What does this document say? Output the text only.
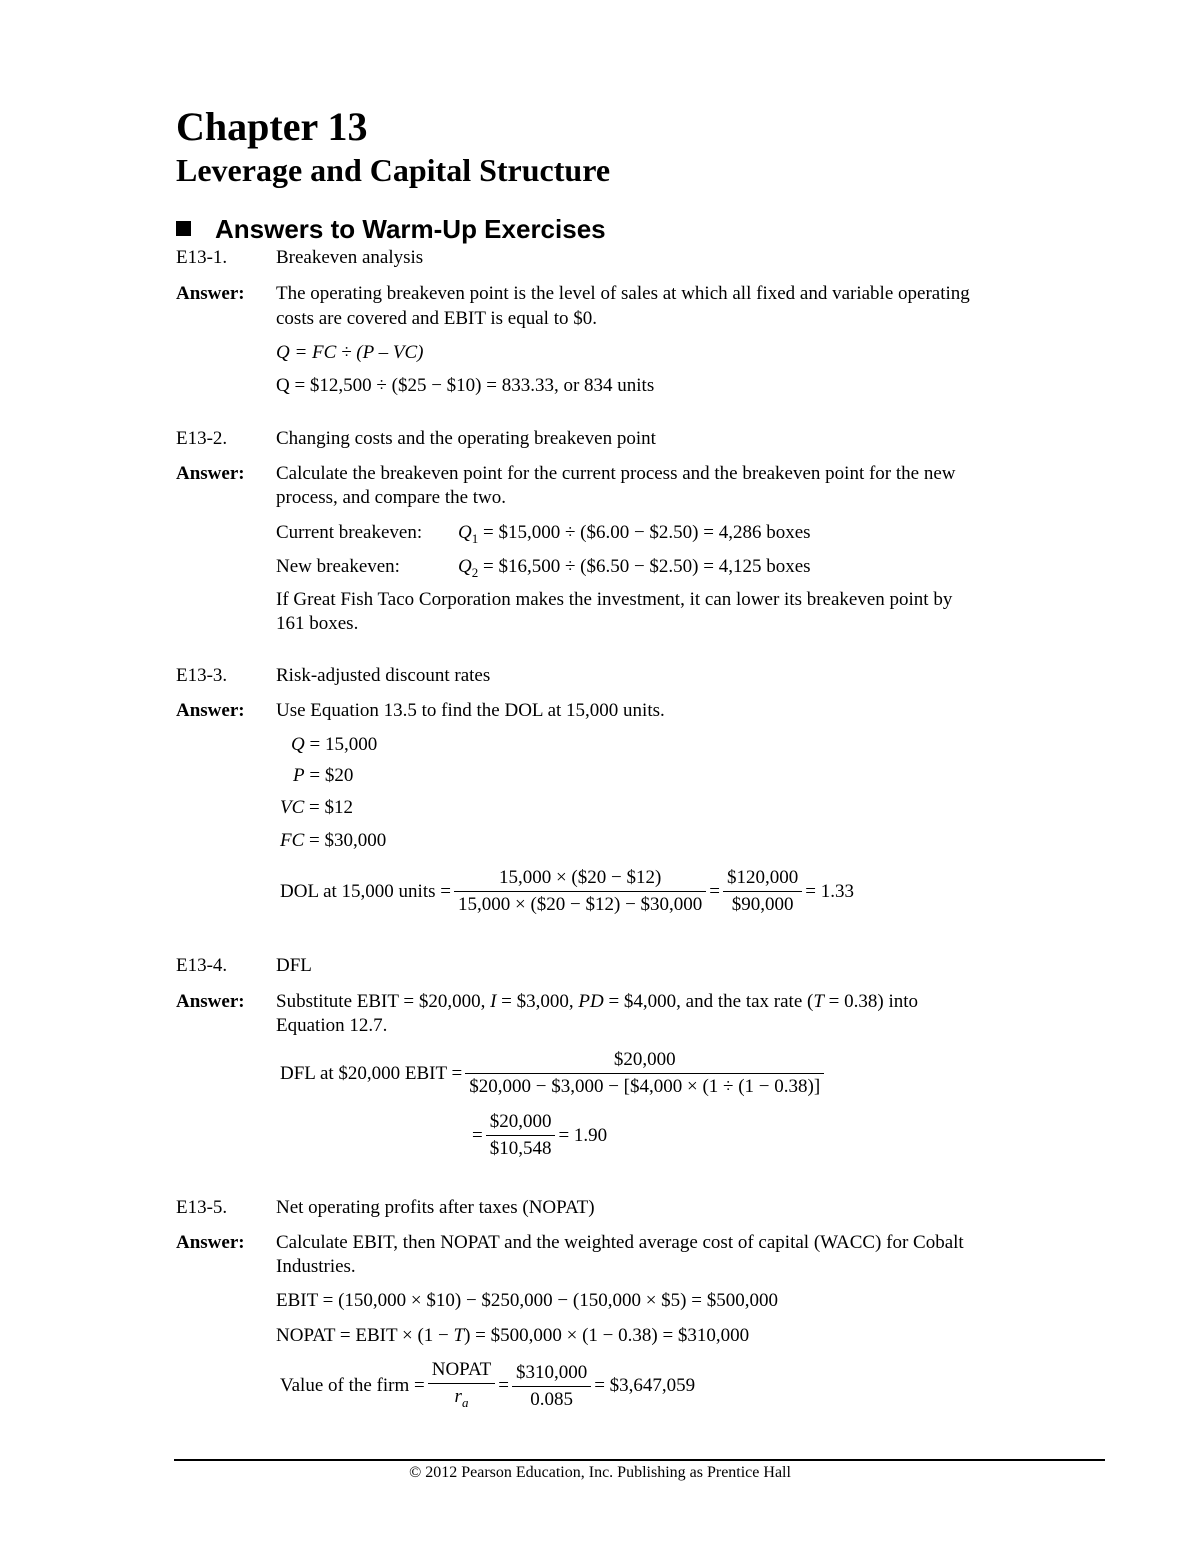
Chapter 13
Leverage and Capital Structure
Answers to Warm-Up Exercises
E13-1.	Breakeven analysis
Answer: The operating breakeven point is the level of sales at which all fixed and variable operating
costs are covered and EBIT is equal to $0.
Q = FC ÷ (P – VC)
Q = $12,500 ÷ ($25 − $10) = 833.33, or 834 units
E13-2.	Changing costs and the operating breakeven point
Answer: Calculate the breakeven point for the current process and the breakeven point for the new
process, and compare the two.
Current breakeven: $Q_1$ = $15,000 ÷ ($6.00 − $2.50) = 4,286 boxes
New breakeven:	$Q_2$ = $16,500 ÷ ($6.50 − $2.50) = 4,125 boxes
If Great Fish Taco Corporation makes the investment, it can lower its breakeven point by
161 boxes.
E13-3.	Risk-adjusted discount rates
Answer: Use Equation 13.5 to find the DOL at 15,000 units.
Q = 15,000
P = $20
VC = $12
FC = $30,000
DOL at 15,000 units = $\frac{15,000 \times (\$20 - \$12)}{15,000 \times (\$20 - \$12) - \$30,000} = \frac{\$120,000}{\$90,000} = 1.33$
E13-4.	DFL
Answer: Substitute EBIT = $20,000, I = $3,000, PD = $4,000, and the tax rate (T = 0.38) into
Equation 12.7.
DFL at $20,000 EBIT = $\frac{\$20,000}{\$20,000 - \$3,000 - [\$4,000 \times (1 \div (1 - 0.38)]}$
= $\frac{\$20,000}{\$10,548} = 1.90$
E13-5.	Net operating profits after taxes (NOPAT)
Answer: Calculate EBIT, then NOPAT and the weighted average cost of capital (WACC) for Cobalt
Industries.
EBIT = (150,000 × $10) − $250,000 − (150,000 × $5) = $500,000
NOPAT = EBIT × (1 − T) = $500,000 × (1 − 0.38) = $310,000
Value of the firm = $\frac{\text{NOPAT}}{r_a} = \frac{\$310,000}{0.085}$ = $3,647,059
© 2012 Pearson Education, Inc. Publishing as Prentice Hall
